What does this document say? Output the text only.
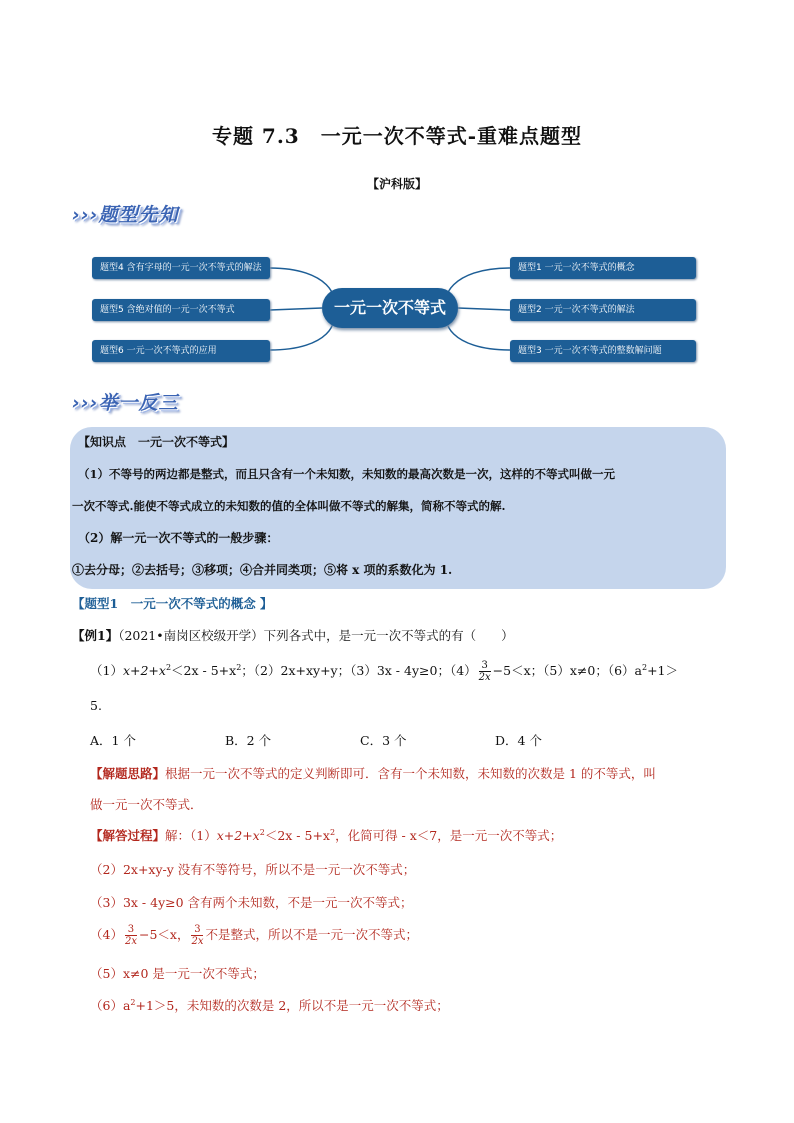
专题 7.3　一元一次不等式-重难点题型
【沪科版】
›››题型先知
题型4 含有字母的一元一次不等式的解法
题型5 含绝对值的一元一次不等式
题型6 一元一次不等式的应用
一元一次不等式
题型1 一元一次不等式的概念
题型2 一元一次不等式的解法
题型3 一元一次不等式的整数解问题
›››举一反三
【知识点　一元一次不等式】
（1）不等号的两边都是整式，而且只含有一个未知数，未知数的最高次数是一次，这样的不等式叫做一元
一次不等式.能使不等式成立的未知数的值的全体叫做不等式的解集，简称不等式的解.
（2）解一元一次不等式的一般步骤：
①去分母；②去括号；③移项；④合并同类项；⑤将 x 项的系数化为 1.
【题型1　一元一次不等式的概念 】
【例1】（2021•南岗区校级开学）下列各式中，是一元一次不等式的有（　　）
$(1)x+2+x^2<2x - 5+x^2$；（2）2x+xy+y；（3）3x - 4y≥0；$(4) \frac{3}{2x} -5<x$；（5）x≠0；$(6)a^2+1>$
5.
A．1 个	B．2 个	C．3 个	D．4 个
【解题思路】根据一元一次不等式的定义判断即可．含有一个未知数，未知数的次数是 1 的不等式，叫
做一元一次不等式．
【解答过程】解：$(1)x+2+x^2<2x - 5+x^2$，化简可得 - x＜7，是一元一次不等式；
（2）2x+xy-y 没有不等符号，所以不是一元一次不等式；
（3）3x - 4y≥0 含有两个未知数，不是一元一次不等式；
$(4) \frac{3}{2x} -5<x$， $\frac{3}{2x}$ 不是整式，所以不是一元一次不等式；
（5）x≠0 是一元一次不等式；
$(6)a^2+1>5$，未知数的次数是 2，所以不是一元一次不等式；
